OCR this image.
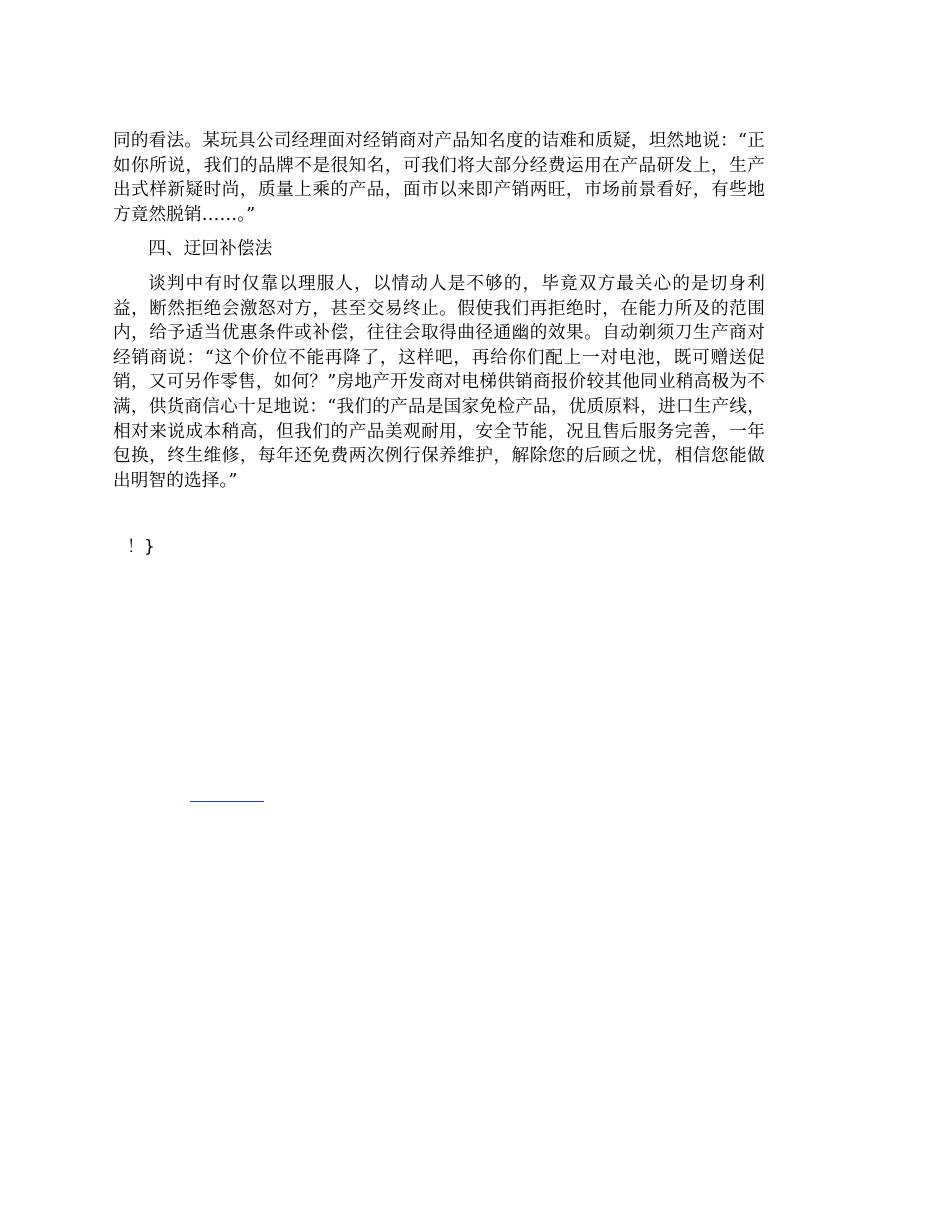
同的看法。某玩具公司经理面对经销商对产品知名度的诘难和质疑，坦然地说：“正如你所说，我们的品牌不是很知名，可我们将大部分经费运用在产品研发上，生产出式样新疑时尚，质量上乘的产品，面市以来即产销两旺，市场前景看好，有些地方竟然脱销……。”

四、迂回补偿法

谈判中有时仅靠以理服人，以情动人是不够的，毕竟双方最关心的是切身利益，断然拒绝会激怒对方，甚至交易终止。假使我们再拒绝时，在能力所及的范围内，给予适当优惠条件或补偿，往往会取得曲径通幽的效果。自动剃须刀生产商对经销商说：“这个价位不能再降了，这样吧，再给你们配上一对电池，既可赠送促销，又可另作零售，如何？”房地产开发商对电梯供销商报价较其他同业稍高极为不满，供货商信心十足地说：“我们的产品是国家免检产品，优质原料，进口生产线，相对来说成本稍高，但我们的产品美观耐用，安全节能，况且售后服务完善，一年包换，终生维修，每年还免费两次例行保养维护，解除您的后顾之忧，相信您能做出明智的选择。”

！}
